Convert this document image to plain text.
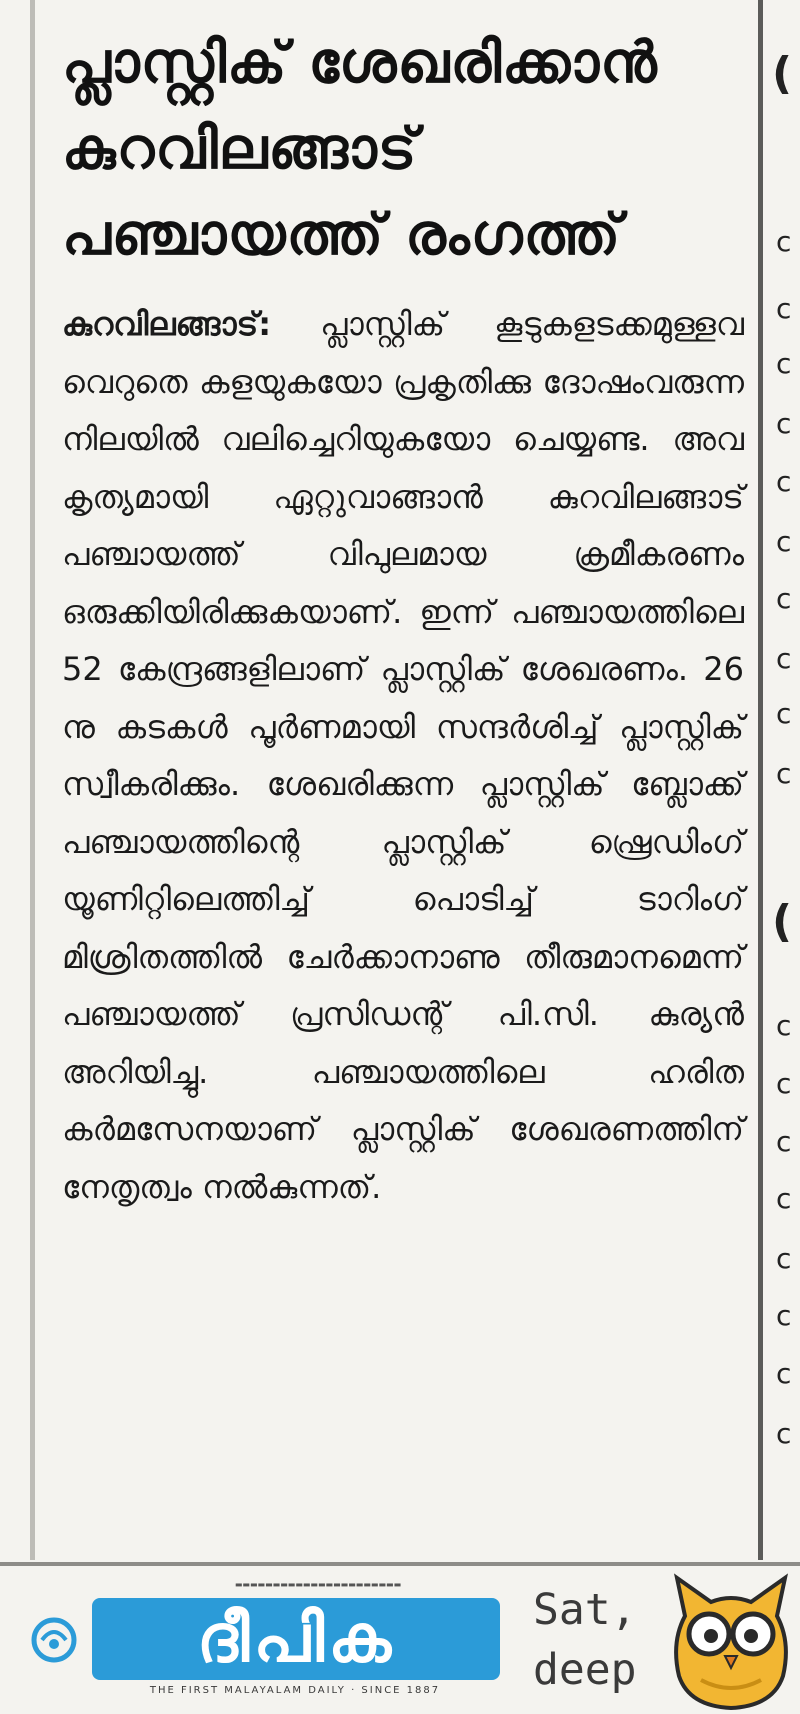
പ്ലാസ്റ്റിക് ശേഖരിക്കാൻ കുറവിലങ്ങാട് പഞ്ചായത്ത് രംഗത്ത്

കുറവിലങ്ങാട്: പ്ലാസ്റ്റിക് കൂടുകളടക്കമുള്ളവ വെറുതെ കളയുകയോ പ്രകൃതിക്കു ദോഷംവരുന്ന നിലയിൽ വലിച്ചെറിയുകയോ ചെയ്യണ്ട. അവ കൃത്യമായി ഏറ്റുവാങ്ങാൻ കുറവിലങ്ങാട് പഞ്ചായത്ത് വിപുലമായ ക്രമീകരണം ഒരുക്കിയിരിക്കുകയാണ്. ഇന്ന് പഞ്ചായത്തിലെ 52 കേന്ദ്രങ്ങളിലാണ് പ്ലാസ്റ്റിക് ശേഖരണം. 26 നു കടകൾ പൂർണമായി സന്ദർശിച്ച് പ്ലാസ്റ്റിക് സ്വീകരിക്കും. ശേഖരിക്കുന്ന പ്ലാസ്റ്റിക് ബ്ലോക്ക് പഞ്ചായത്തിന്റെ പ്ലാസ്റ്റിക് ഷ്രെഡിംഗ് യൂണിറ്റിലെത്തിച്ച് പൊടിച്ച് ടാറിംഗ് മിശ്രിതത്തിൽ ചേർക്കാനാണു തീരുമാനമെന്ന് പഞ്ചായത്ത് പ്രസിഡന്റ് പി.സി. കുര്യൻ അറിയിച്ചു. പഞ്ചായത്തിലെ ഹരിത കർമസേനയാണ് പ്ലാസ്റ്റിക് ശേഖരണത്തിന് നേതൃത്വം നൽകുന്നത്.

(
c
c
c
c
c
c
c
c
c
c
(
c
c
c
c
c
c
c
c
▬▬▬▬▬▬▬▬▬▬▬▬▬▬▬▬▬▬▬▬▬▬
ദീപിക
THE FIRST MALAYALAM DAILY · SINCE 1887
Sat,
deep
